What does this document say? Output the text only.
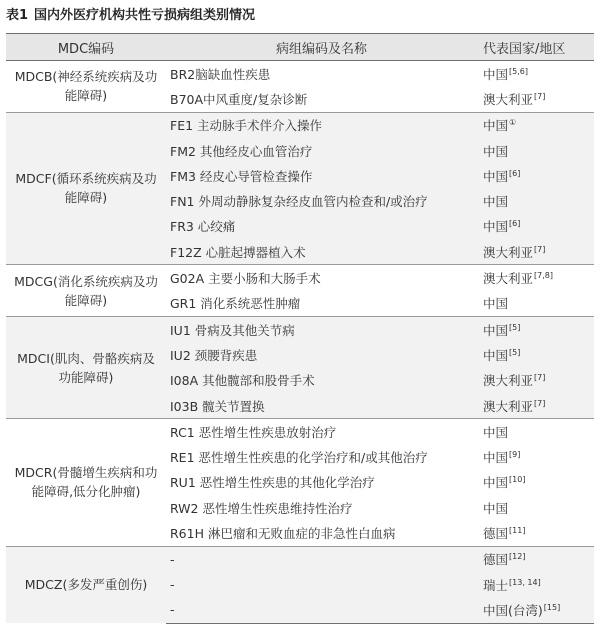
表1 国内外医疗机构共性亏损病组类别情况
MDC编码	病组编码及名称	代表国家/地区
MDCB(神经系统疾病及功能障碍)	BR2脑缺血性疾患	中国[5,6]
	B70A中风重度/复杂诊断	澳大利亚[7]
MDCF(循环系统疾病及功能障碍)	FE1 主动脉手术伴介入操作	中国①
	FM2 其他经皮心血管治疗	中国
	FM3 经皮心导管检查操作	中国[6]
	FN1 外周动静脉复杂经皮血管内检查和/或治疗	中国
	FR3 心绞痛	中国[6]
	F12Z 心脏起搏器植入术	澳大利亚[7]
MDCG(消化系统疾病及功能障碍)	G02A 主要小肠和大肠手术	澳大利亚[7,8]
	GR1 消化系统恶性肿瘤	中国
MDCI(肌肉、骨骼疾病及功能障碍)	IU1 骨病及其他关节病	中国[5]
	IU2 颈腰背疾患	中国[5]
	I08A 其他髋部和股骨手术	澳大利亚[7]
	I03B 髋关节置换	澳大利亚[7]
MDCR(骨髓增生疾病和功能障碍,低分化肿瘤)	RC1 恶性增生性疾患放射治疗	中国
	RE1 恶性增生性疾患的化学治疗和/或其他治疗	中国[9]
	RU1 恶性增生性疾患的其他化学治疗	中国[10]
	RW2 恶性增生性疾患维持性治疗	中国
	R61H 淋巴瘤和无败血症的非急性白血病	德国[11]
MDCZ(多发严重创伤)	-	德国[12]
	-	瑞士[13, 14]
	-	中国(台湾)[15]
